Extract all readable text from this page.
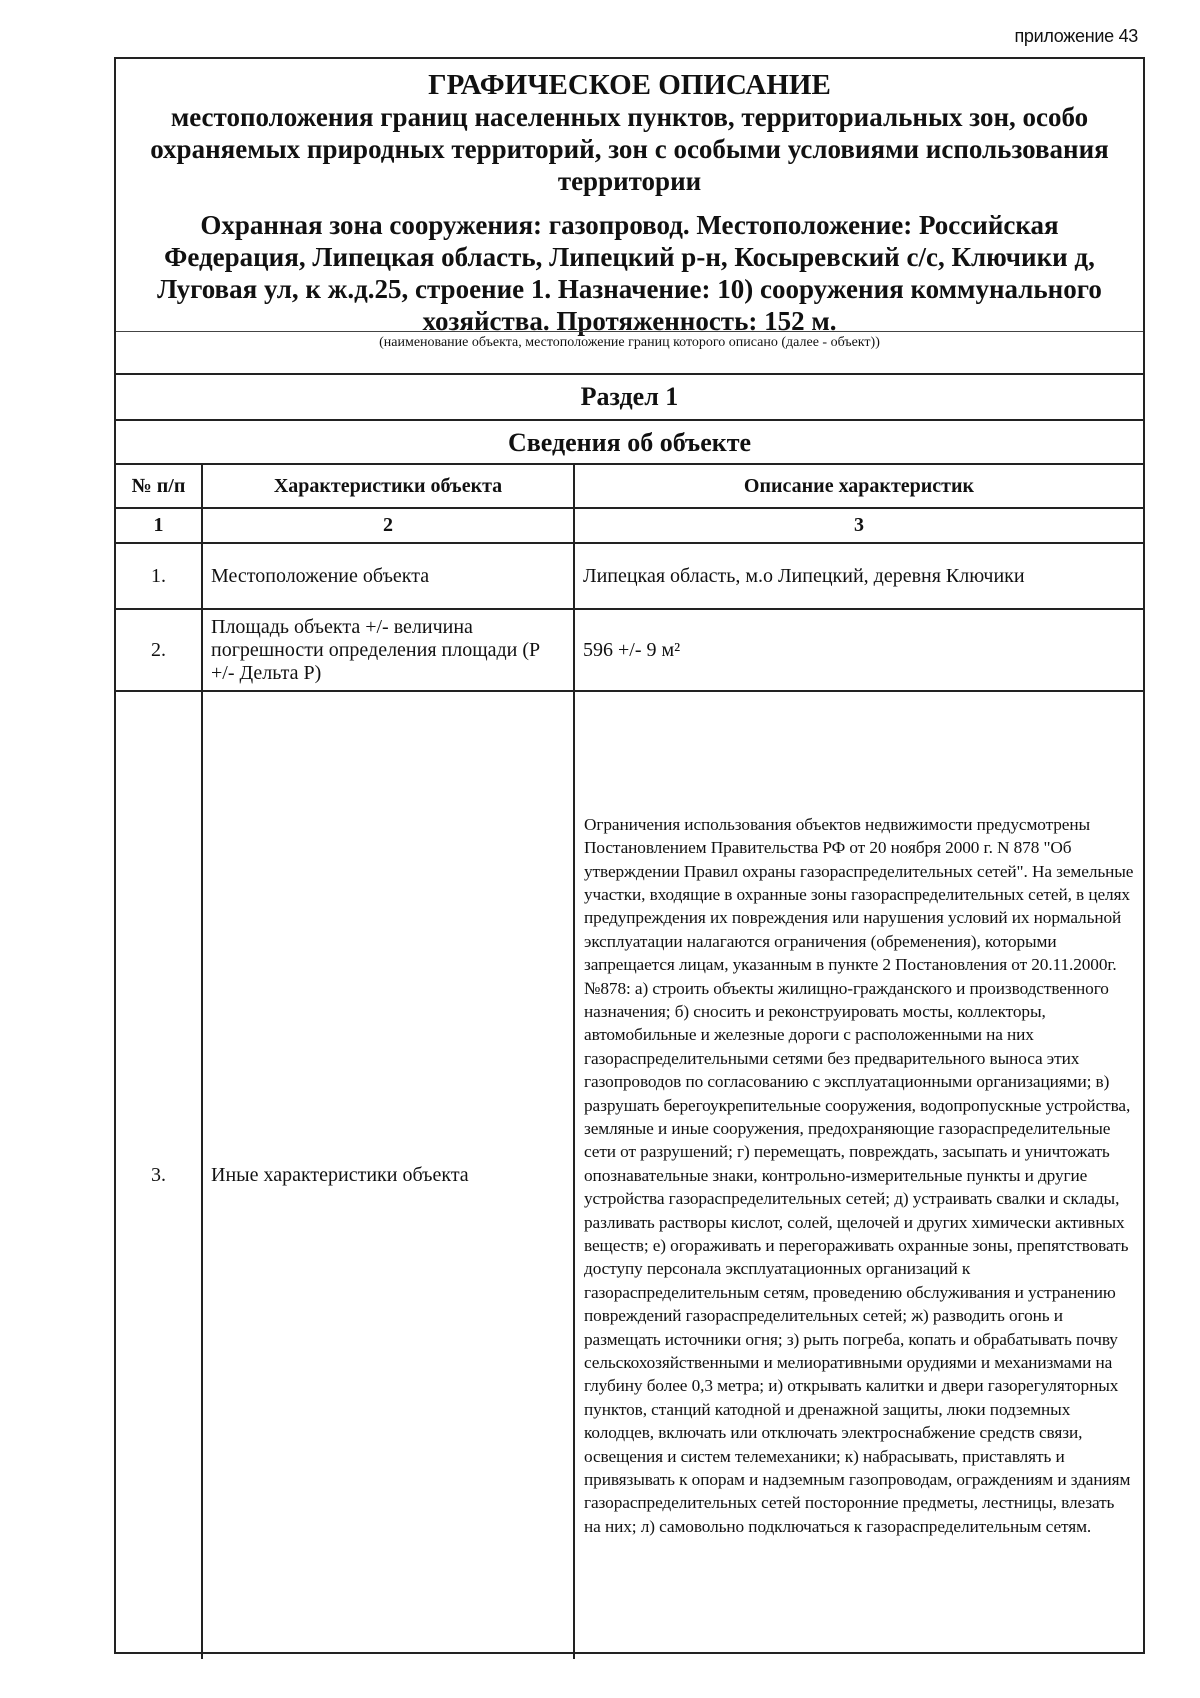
приложение 43
ГРАФИЧЕСКОЕ ОПИСАНИЕ
местоположения границ населенных пунктов, территориальных зон, особо охраняемых природных территорий, зон с особыми условиями использования территории
Охранная зона сооружения: газопровод. Местоположение: Российская Федерация, Липецкая область, Липецкий р-н, Косыревский с/с, Ключики д, Луговая ул, к ж.д.25, строение 1. Назначение: 10) сооружения коммунального хозяйства. Протяженность: 152 м.
(наименование объекта, местоположение границ которого описано (далее - объект))
Раздел 1
Сведения об объекте
№ п/п	Характеристики объекта	Описание характеристик
1	2	3
1.	Местоположение объекта	Липецкая область, м.о Липецкий, деревня Ключики
2.	Площадь объекта +/- величина погрешности определения площади (P +/- Дельта P)	596 +/- 9 м²
3.	Иные характеристики объекта	Ограничения использования объектов недвижимости предусмотрены Постановлением Правительства РФ от 20 ноября 2000 г. N 878 "Об утверждении Правил охраны газораспределительных сетей". На земельные участки, входящие в охранные зоны газораспределительных сетей, в целях предупреждения их повреждения или нарушения условий их нормальной эксплуатации налагаются ограничения (обременения), которыми запрещается лицам, указанным в пункте 2 Постановления от 20.11.2000г. №878: а) строить объекты жилищно-гражданского и производственного назначения; б) сносить и реконструировать мосты, коллекторы, автомобильные и железные дороги с расположенными на них газораспределительными сетями без предварительного выноса этих газопроводов по согласованию с эксплуатационными организациями; в) разрушать берегоукрепительные сооружения, водопропускные устройства, земляные и иные сооружения, предохраняющие газораспределительные сети от разрушений; г) перемещать, повреждать, засыпать и уничтожать опознавательные знаки, контрольно-измерительные пункты и другие устройства газораспределительных сетей; д) устраивать свалки и склады, разливать растворы кислот, солей, щелочей и других химически активных веществ; е) огораживать и перегораживать охранные зоны, препятствовать доступу персонала эксплуатационных организаций к газораспределительным сетям, проведению обслуживания и устранению повреждений газораспределительных сетей; ж) разводить огонь и размещать источники огня; з) рыть погреба, копать и обрабатывать почву сельскохозяйственными и мелиоративными орудиями и механизмами на глубину более 0,3 метра; и) открывать калитки и двери газорегуляторных пунктов, станций катодной и дренажной защиты, люки подземных колодцев, включать или отключать электроснабжение средств связи, освещения и систем телемеханики; к) набрасывать, приставлять и привязывать к опорам и надземным газопроводам, ограждениям и зданиям газораспределительных сетей посторонние предметы, лестницы, влезать на них; л) самовольно подключаться к газораспределительным сетям.
